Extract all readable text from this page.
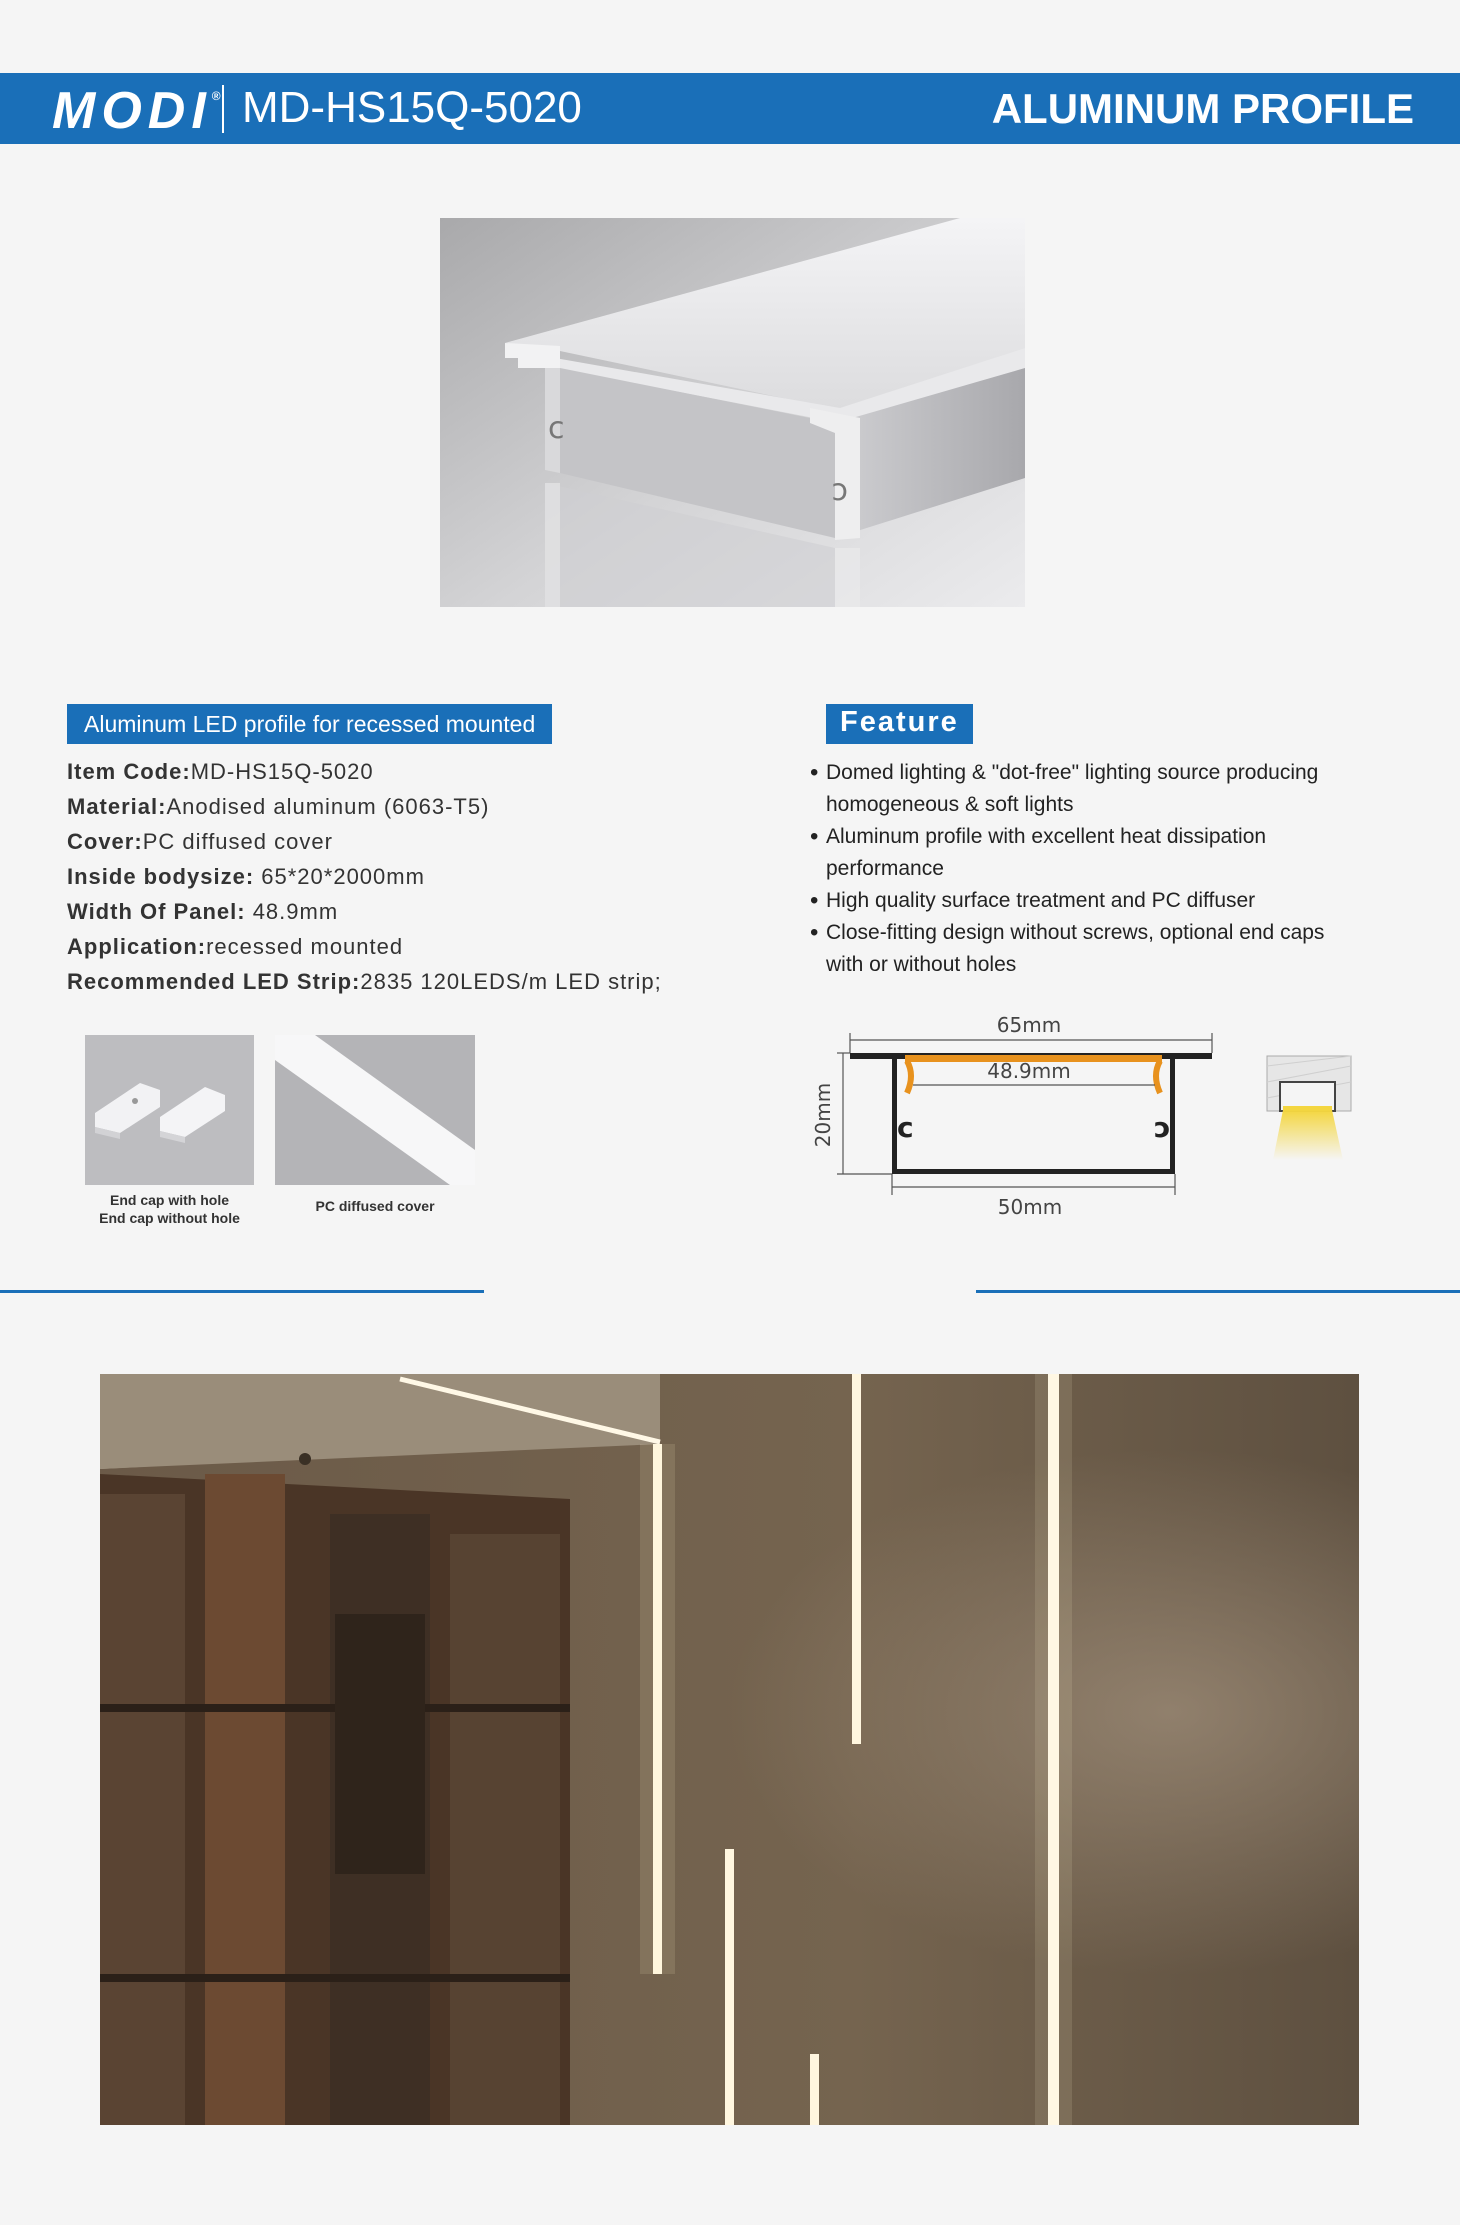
MODI® MD-HS15Q-5020	ALUMINUM PROFILE
c
c
Aluminum LED profile for recessed mounted
Item Code:MD-HS15Q-5020
Material:Anodised aluminum (6063-T5)
Cover:PC diffused cover
Inside bodysize: 65*20*2000mm
Width Of Panel: 48.9mm
Application:recessed mounted
Recommended LED Strip:2835 120LEDS/m LED strip;
End cap with hole
End cap without hole
PC diffused cover
Feature
• Domed lighting & "dot-free" lighting source producing homogeneous & soft lights
• Aluminum profile with excellent heat dissipation performance
• High quality surface treatment and PC diffuser
• Close-fitting design without screws, optional end caps with or without holes
65mm
48.9mm
c	c
20mm
50mm
